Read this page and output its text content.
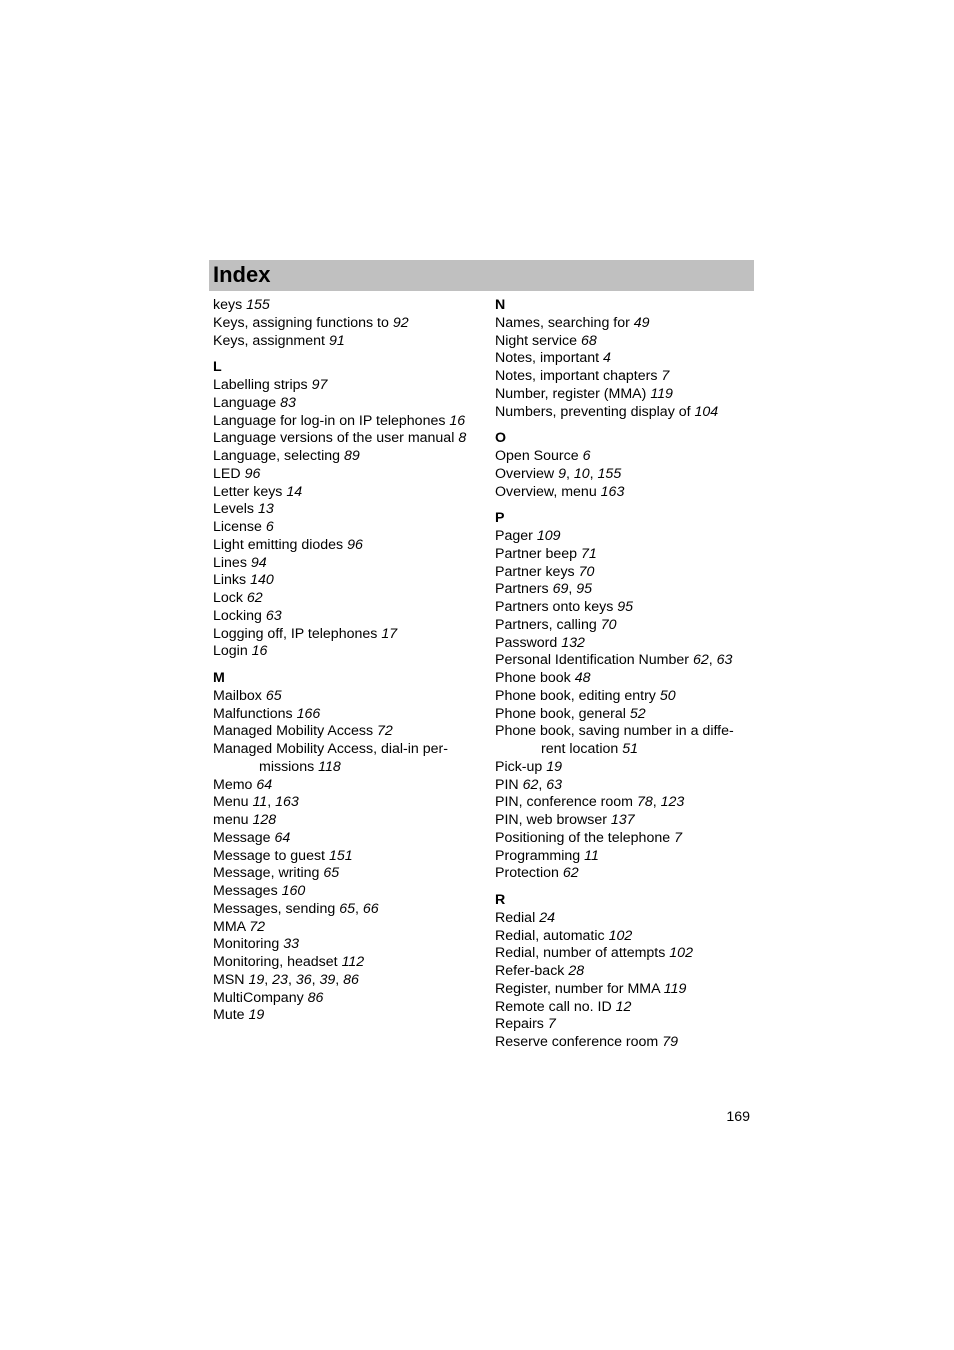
Index

keys 155

Keys, assigning functions to 92

Keys, assignment 91

L

Labelling strips 97

Language 83

Language for log-in on IP telephones 16

Language versions of the user manual 8

Language, selecting 89

LED 96

Letter keys 14

Levels 13

License 6

Light emitting diodes 96

Lines 94

Links 140

Lock 62

Locking 63

Logging off, IP telephones 17

Login 16

M

Mailbox 65

Malfunctions 166

Managed Mobility Access 72

Managed Mobility Access, dial-in per-
missions 118

Memo 64

Menu 11, 163

menu 128

Message 64

Message to guest 151

Message, writing 65

Messages 160

Messages, sending 65, 66

MMA 72

Monitoring 33

Monitoring, headset 112

MSN 19, 23, 36, 39, 86

MultiCompany 86

Mute 19

N

Names, searching for 49

Night service 68

Notes, important 4

Notes, important chapters 7

Number, register (MMA) 119

Numbers, preventing display of 104

O

Open Source 6

Overview 9, 10, 155

Overview, menu 163

P

Pager 109

Partner beep 71

Partner keys 70

Partners 69, 95

Partners onto keys 95

Partners, calling 70

Password 132

Personal Identification Number 62, 63

Phone book 48

Phone book, editing entry 50

Phone book, general 52

Phone book, saving number in a diffe-
rent location 51

Pick-up 19

PIN 62, 63

PIN, conference room 78, 123

PIN, web browser 137

Positioning of the telephone 7

Programming 11

Protection 62

R

Redial 24

Redial, automatic 102

Redial, number of attempts 102

Refer-back 28

Register, number for MMA 119

Remote call no. ID 12

Repairs 7

Reserve conference room 79

169
